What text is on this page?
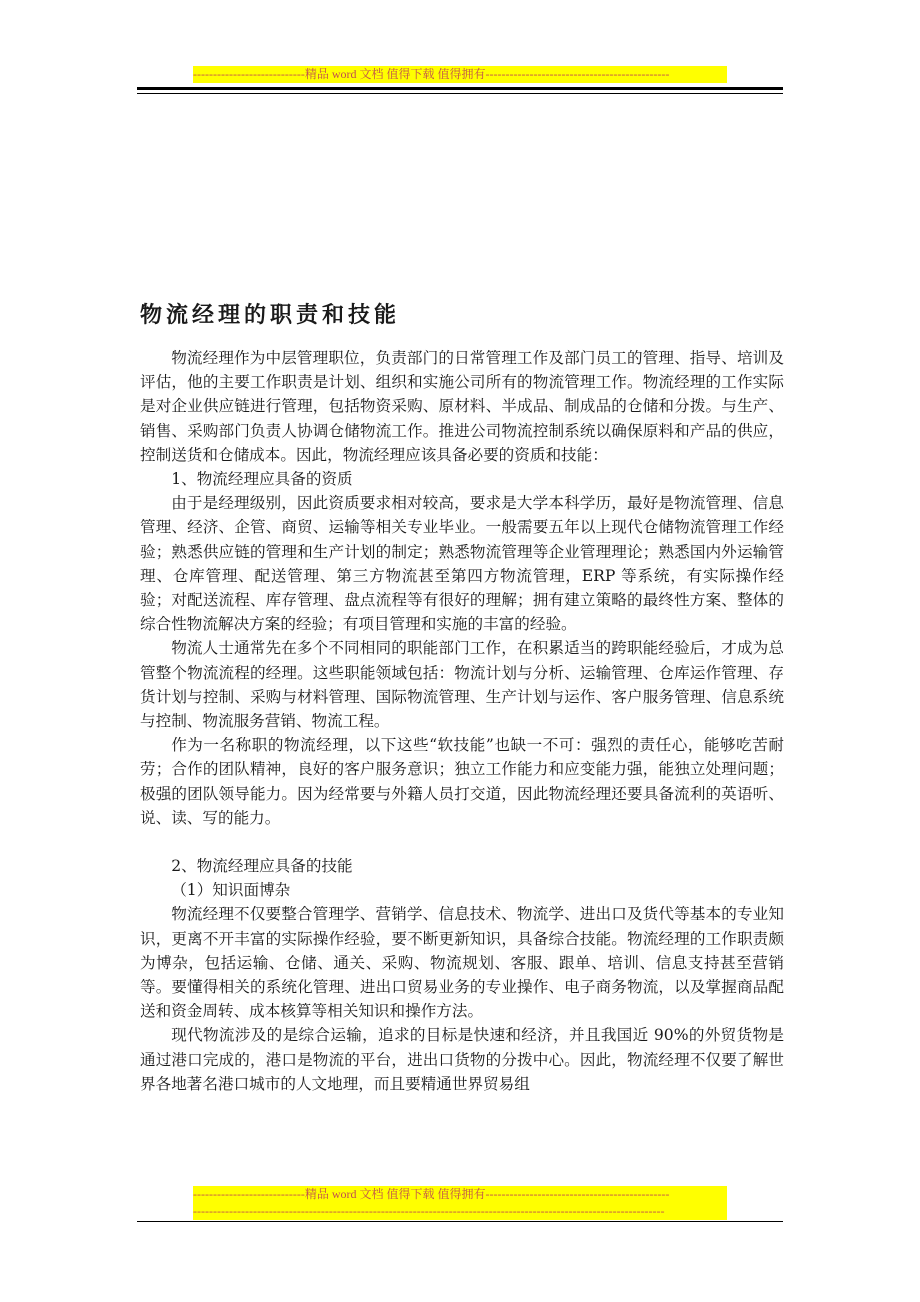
----------------------------精品 word 文档 值得下载 值得拥有----------------------------------------------
物流经理的职责和技能

物流经理作为中层管理职位，负责部门的日常管理工作及部门员工的管理、指导、培训及评估，他的主要工作职责是计划、组织和实施公司所有的物流管理工作。物流经理的工作实际是对企业供应链进行管理，包括物资采购、原材料、半成品、制成品的仓储和分拨。与生产、销售、采购部门负责人协调仓储物流工作。推进公司物流控制系统以确保原料和产品的供应，控制送货和仓储成本。因此，物流经理应该具备必要的资质和技能：

1、物流经理应具备的资质

由于是经理级别，因此资质要求相对较高，要求是大学本科学历，最好是物流管理、信息管理、经济、企管、商贸、运输等相关专业毕业。一般需要五年以上现代仓储物流管理工作经验；熟悉供应链的管理和生产计划的制定；熟悉物流管理等企业管理理论；熟悉国内外运输管理、仓库管理、配送管理、第三方物流甚至第四方物流管理，ERP 等系统，有实际操作经验；对配送流程、库存管理、盘点流程等有很好的理解；拥有建立策略的最终性方案、整体的综合性物流解决方案的经验；有项目管理和实施的丰富的经验。

物流人士通常先在多个不同相同的职能部门工作，在积累适当的跨职能经验后，才成为总管整个物流流程的经理。这些职能领域包括：物流计划与分析、运输管理、仓库运作管理、存货计划与控制、采购与材料管理、国际物流管理、生产计划与运作、客户服务管理、信息系统与控制、物流服务营销、物流工程。

作为一名称职的物流经理，以下这些“软技能”也缺一不可：强烈的责任心，能够吃苦耐劳；合作的团队精神，良好的客户服务意识；独立工作能力和应变能力强，能独立处理问题；极强的团队领导能力。因为经常要与外籍人员打交道，因此物流经理还要具备流利的英语听、说、读、写的能力。

2、物流经理应具备的技能

（1）知识面博杂

物流经理不仅要整合管理学、营销学、信息技术、物流学、进出口及货代等基本的专业知识，更离不开丰富的实际操作经验，要不断更新知识，具备综合技能。物流经理的工作职责颇为博杂，包括运输、仓储、通关、采购、物流规划、客服、跟单、培训、信息支持甚至营销等。要懂得相关的系统化管理、进出口贸易业务的专业操作、电子商务物流，以及掌握商品配送和资金周转、成本核算等相关知识和操作方法。

现代物流涉及的是综合运输，追求的目标是快速和经济，并且我国近 90%的外贸货物是通过港口完成的，港口是物流的平台，进出口货物的分拨中心。因此，物流经理不仅要了解世界各地著名港口城市的人文地理，而且要精通世界贸易组

----------------------------精品 word 文档 值得下载 值得拥有----------------------------------------------
----------------------------------------------------------------------------------------------------------------------
